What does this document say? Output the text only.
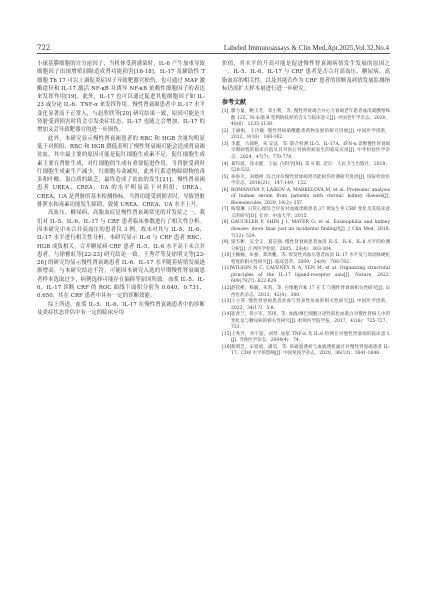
722	Labeled Immunoassays & Clin Med,Apr.2025,Vol.32,No.4

小球基膜细胞的自分泌因子，当机体受到感染时，IL-6 产生加重导致细胞因子出现增殖间隔造成肾功能损害[16-18]。IL-17 及辅助性 T 细胞 Th 17 可以上调促炎症因子导致靶器官损伤，也可通过 MAP 激酶途径和 IL-17 激活 NF-κB 并诱导 NF-κB 依赖性细胞因子的表达来发挥作用[19]。此外，IL-17 也可以通过促进其他细胞因子如 IL-23 或分泌 IL-6、TNF-α 来发挥作用。慢性肾衰竭患者中 IL-17 水平变化显著高于正常人，与赵欣欣等[20] 研究结果一致，原因可能是当肾脏受到损害时将会引发炎症状态，IL-17 也随之会增加，IL-17 的增加又会导致靶器官的进一步损伤。

此外，本研究显示慢性肾衰竭患者的 RBC 和 HGB 含量均明显低于对照组，RBC 和 HGB 降低表明了慢性肾衰竭可能会造成肾衰竭贫血，其中最主要的原因可能是促红细胞生成素不足，促红细胞生成素主要在肾脏生成，对红细胞的生成有重要促进作用，当肾脏受到时红细胞生成素生产减少，红细胞寿命减短，此外红系造物障碍物的毒多和叶酸、蛋白质的缺乏，最终造成了贫血的发生[21]。慢性肾衰竭患者 UREA、CREA、UA 的水平明显高于对照组，UREA、CREA、UA 是肾脏的基本检测指标，当肾功能受到损害时，导致肾脏排泄水和毒素功能发生障碍，致使 UREA、CREA、UA 水平上升。

高血压、糖尿病、高脂血症是慢性肾衰竭常见的并发症之一，我们对 IL-5、IL-6、IL-17 与 CRF 患者临床参数进行了相关性分析。因本研究中未合并高血压的患者仅 3 例，故未对其与 IL-5、IL-6、IL-17 水平进行相关性分析。本研究显示 IL-6 与 CRF 患者 RBC、HGB 成负相关，合并糖尿病 CRF 患者 IL-5、IL-6 水平高于未合并患者，与徐雅虹等[22-23] 研究结论一致。王秀芹等及徐明文等[23-26] 的研究均显示慢性肾衰竭患者 IL-6、IL-17 水平随着病情发展逐渐增高，与本研究结论不符，可能因本研究入选的早期慢性肾衰竭患者样本选取过少，病例选择可能存在偏倚等原因所致。血浆 IL-5、IL-6、IL-17 诊断 CRF 的 ROC 曲线下面积分别为 0.640、0.731、0.650，其在 CRF 患者中具有一定的诊断效能。

综上所述，血浆 IL-5、IL-6、IL-17 在慢性肾衰竭患者中的诊断及炎症状态评估中有一定的临床应用

价值，其水平的升高可能是促进慢性肾衰竭病情发生发展的原因之一。IL-5、IL-6、IL-17 与 CRF 患者是否合并高血压、糖尿病、高脂血症的相关性，以及其能否作为 CRF 患者的诊断及病情发展监测指标仍需扩大样本量进行进一步研究。

参考文献
[1] 滕力量，鲍玉芳，邓小利，等. 慢性肾衰竭合并心力衰竭老年患者血清硫酸吲哚酚 125、N-末端 B 型利钠肽原的含义与临床意义[J]. 中国老年学杂志，2020，40(6)：1135-1138.
[2] 王丽娟，王玲敏. 慢性肾病硝酸酯类药物发展的研究进展[J]. 中国医学创新，2012，9(10)：160-162.
[3] 李鑫，马锦艳，朱 安法，等. 联合检测 IL-5、IL-17A、IFN-α 诊断慢性肾衰竭早期病程的临床价值及其对预后肾病疾病发生的临床应用[J]. 中华检验医学杂志，2024，47(7)：770-778.
[4] 葛均波，徐永健，王辰. 内科学[M]. 第 9 版. 北京：人民卫生出版社，2018，529-532.
[5] 孙鲁川，刘德律. 综合评价慢性肾衰竭肾功能损伤检测研究进展[J]. 国际检验医学杂志，2016(21)，147-149，152.
[6] ROMANOVA Y, LAIKOV A, MARKELOVA M, et al. Proteomic analysis of human serum from patients with chronic kidney disease[J]. Biomolecules, 2020, 10(2): 257.
[7] 杨瑞琳. 日常心理综合评价对血液诊断患者 27 例发生率 CRP 变化及其临床意义的研究[D]. 长沙：中南大学，2015.
[8] GAUCKLER P, SHIN J I, MAYER G, et al. Eosinophilia and kidney disease: more than just an incidental finding?[J]. J Clin Med, 2018, 7(12): 529.
[9] 梁杰彬，吴全义，夏东强. 慢性肾衰竭患者血清 IL-5、IL-6、IL-8 水平的检测分析[J]. 江西医学检验，2005，23(4)：303-304.
[10] 王楠楠，朱强，郑鸿鹏，等. 原发性高血压患者血清 IL-17 水平及与颈动脉硬化程度的相关性研究[J]. 临床荟萃，2009，24(9)：780-782.
[11] WILSON N C, CAVENEY N A, YEN M, et al. Organizing structural principles of the IL-17 ligand-receptor axis[J]. Nature, 2022, 609(7927): 622-629.
[12] 赵钦彬，杨毓，朱凯，等. 白细胞介素 17 在 T 与慢性肾衰竭相关性研究[J]. 山西医药杂志，2013，42(4)：380.
[13] 王小英. 慢性肾衰竭患者贫血与营养性贫血的相关性研究[J]. 中国医学创新，2022，34(17)：5-8.
[14] 崔春兰，蒋小军，苏扬，等. 血液/淋巴细胞分泌性转化血肌白对慢性肾病人中的变化及与糖尿病的相关性研究[J]. 蚌埠医学院学报，2017，42(6)：725-727，731.
[15] 王秀芹，李宇超，刘琴. 血浆 TNF-α 及 IL-6 检测在对慢性肾衰竭的临床意义[J]. 齐鲁医学杂志，2004(4)：74.
[16] 蔡明芝，宋爱娟，潘昊，等. 高通量透析与血液透析滤过对慢性肾衰竭患者 IL-17、CD8 水平的影响[J]. 中国免疫学杂志，2020，36(13)：1641-1646.
